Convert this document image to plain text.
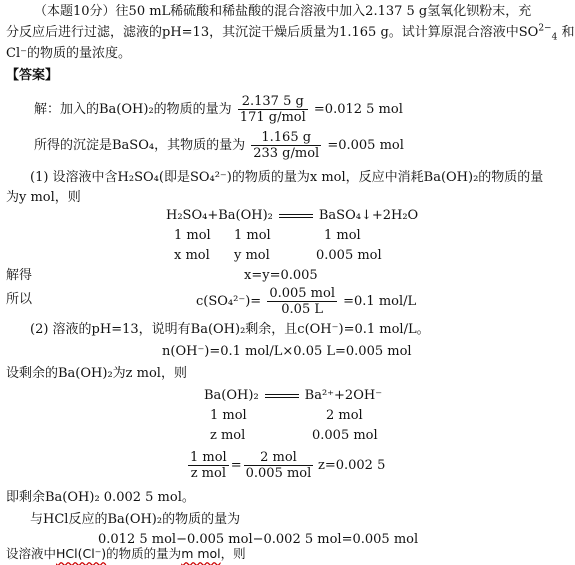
（本题10分）往50 mL稀硫酸和稀盐酸的混合溶液中加入2.137 5 g氢氧化钡粉末，充
分反应后进行过滤，滤液的pH=13，其沉淀干燥后质量为1.165 g。试计算原混合溶液中$SO^{2-}_4$ 和
Cl⁻的物质的量浓度。
【答案】
解：加入的Ba(OH)₂的物质的量为 $\frac{2.137 5 g}{\text{171 g/mol}} =0.012$ 5 mol
所得的沉淀是BaSO₄，其物质的量为 $\frac{1.165 g}{\text{233 g/mol}} =0.005$ mol
(1) 设溶液中含H₂SO₄(即是SO₄²⁻)的物质的量为x mol，反应中消耗Ba(OH)₂的物质的量
为y mol，则
H₂SO₄+Ba(OH)₂	BaSO₄↓+2H₂O
1 mol 1 mol	1 mol
x mol y mol	0.005 mol
解得	x=y=0.005
所以	$c(SO_4^{2-})= \frac{\text{0.005 mol}}{0.05 L} =0.1$ mol/L
(2) 溶液的pH=13，说明有Ba(OH)₂剩余，且c(OH⁻)=0.1 mol/L。
n(OH⁻)=0.1 mol/L×0.05 L=0.005 mol
设剩余的Ba(OH)₂为z mol，则
Ba(OH)₂	Ba²⁺+2OH⁻
1 mol	2 mol
z mol	0.005 mol
$\frac{\text{1 mol}}{\text{z mol}} = \frac{\text{2 mol}}{\text{0.005 mol}} z=0.002$ 5
即剩余Ba(OH)₂ 0.002 5 mol。
与HCl反应的Ba(OH)₂的物质的量为
0.012 5 mol−0.005 mol−0.002 5 mol=0.005 mol
设溶液中HCl(Cl⁻)的物质的量为m mol，则
